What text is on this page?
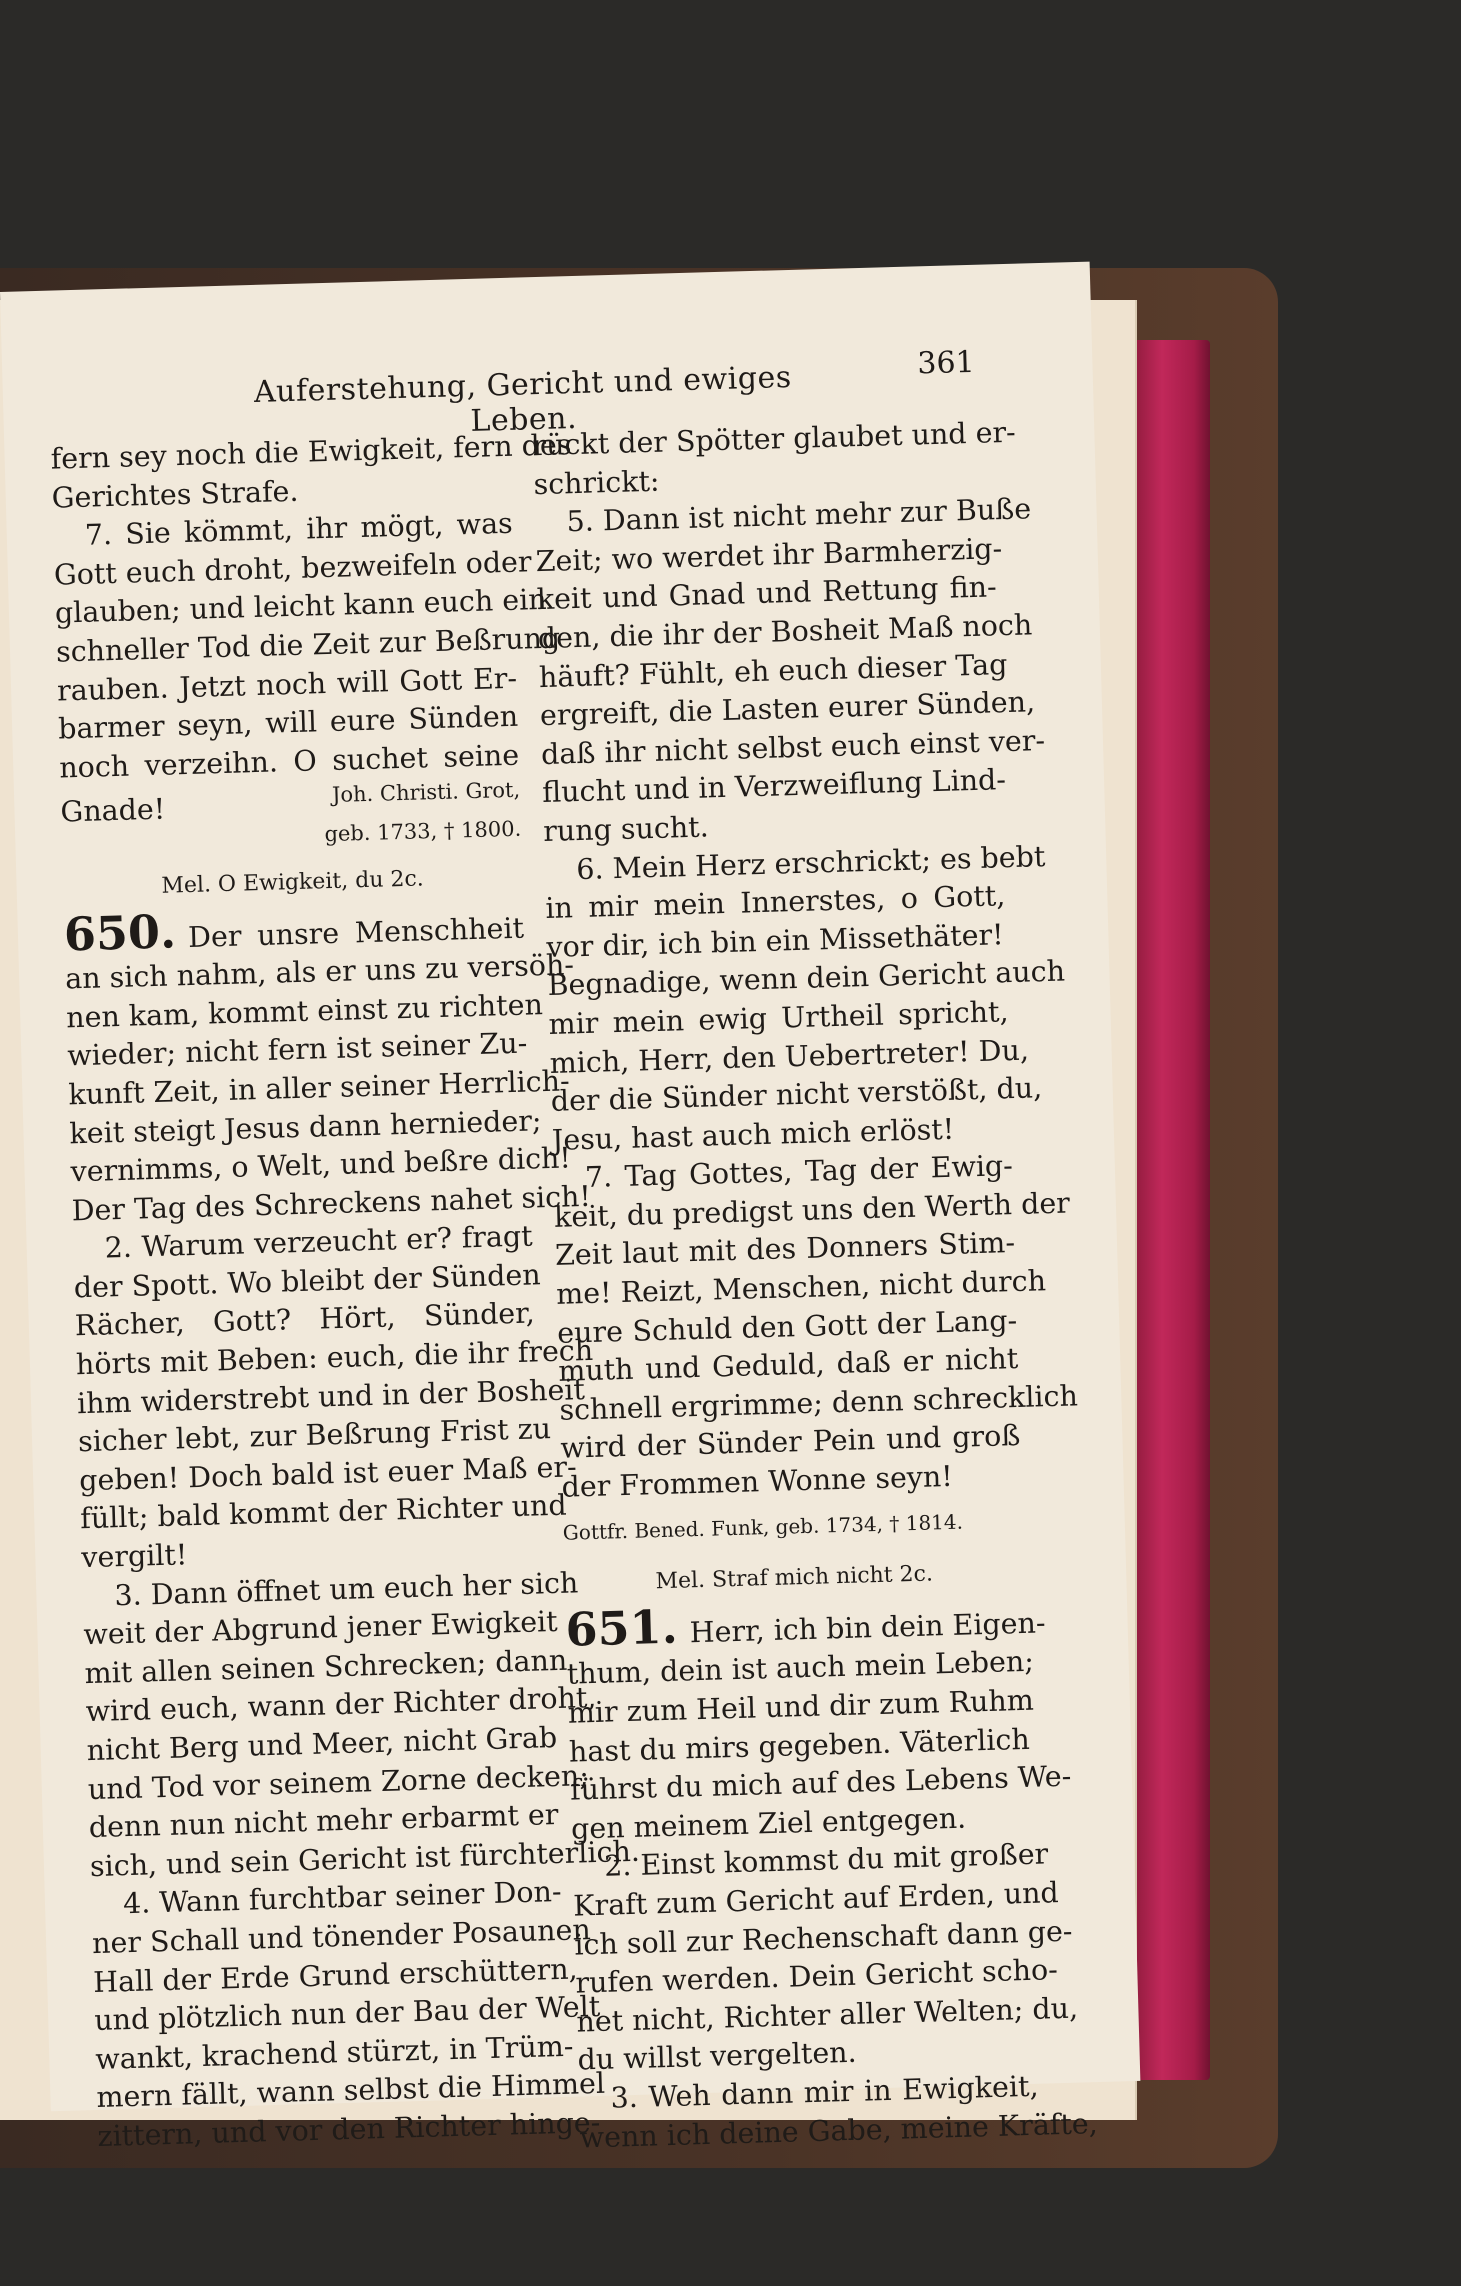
Auferstehung, Gericht und ewiges Leben.
361
fern sey noch die Ewigkeit, fern des
Gerichtes Strafe.
7. Sie kömmt, ihr mögt, was
Gott euch droht, bezweifeln oder
glauben; und leicht kann euch ein
schneller Tod die Zeit zur Beßrung
rauben. Jetzt noch will Gott Er-
barmer seyn, will eure Sünden
noch verzeihn. O suchet seine
Gnade!
Joh. Christi. Grot,
geb. 1733, † 1800.
Mel. O Ewigkeit, du 2c.
650. Der unsre Menschheit
an sich nahm, als er uns zu versöh-
nen kam, kommt einst zu richten
wieder; nicht fern ist seiner Zu-
kunft Zeit, in aller seiner Herrlich-
keit steigt Jesus dann hernieder;
vernimms, o Welt, und beßre dich!
Der Tag des Schreckens nahet sich!
2. Warum verzeucht er? fragt
der Spott. Wo bleibt der Sünden
Rächer, Gott? Hört, Sünder,
hörts mit Beben: euch, die ihr frech
ihm widerstrebt und in der Bosheit
sicher lebt, zur Beßrung Frist zu
geben! Doch bald ist euer Maß er-
füllt; bald kommt der Richter und
vergilt!
3. Dann öffnet um euch her sich
weit der Abgrund jener Ewigkeit
mit allen seinen Schrecken; dann
wird euch, wann der Richter droht,
nicht Berg und Meer, nicht Grab
und Tod vor seinem Zorne decken;
denn nun nicht mehr erbarmt er
sich, und sein Gericht ist fürchterlich.
4. Wann furchtbar seiner Don-
ner Schall und tönender Posaunen
Hall der Erde Grund erschüttern,
und plötzlich nun der Bau der Welt
wankt, krachend stürzt, in Trüm-
mern fällt, wann selbst die Himmel
zittern, und vor den Richter hinge-
rückt der Spötter glaubet und er-
schrickt:
5. Dann ist nicht mehr zur Buße
Zeit; wo werdet ihr Barmherzig-
keit und Gnad und Rettung fin-
den, die ihr der Bosheit Maß noch
häuft? Fühlt, eh euch dieser Tag
ergreift, die Lasten eurer Sünden,
daß ihr nicht selbst euch einst ver-
flucht und in Verzweiflung Lind-
rung sucht.
6. Mein Herz erschrickt; es bebt
in mir mein Innerstes, o Gott,
vor dir, ich bin ein Missethäter!
Begnadige, wenn dein Gericht auch
mir mein ewig Urtheil spricht,
mich, Herr, den Uebertreter! Du,
der die Sünder nicht verstößt, du,
Jesu, hast auch mich erlöst!
7. Tag Gottes, Tag der Ewig-
keit, du predigst uns den Werth der
Zeit laut mit des Donners Stim-
me! Reizt, Menschen, nicht durch
eure Schuld den Gott der Lang-
muth und Geduld, daß er nicht
schnell ergrimme; denn schrecklich
wird der Sünder Pein und groß
der Frommen Wonne seyn!
Gottfr. Bened. Funk, geb. 1734, † 1814.
Mel. Straf mich nicht 2c.
651. Herr, ich bin dein Eigen-
thum, dein ist auch mein Leben;
mir zum Heil und dir zum Ruhm
hast du mirs gegeben. Väterlich
führst du mich auf des Lebens We-
gen meinem Ziel entgegen.
2. Einst kommst du mit großer
Kraft zum Gericht auf Erden, und
ich soll zur Rechenschaft dann ge-
rufen werden. Dein Gericht scho-
net nicht, Richter aller Welten; du,
du willst vergelten.
3. Weh dann mir in Ewigkeit,
wenn ich deine Gabe, meine Kräfte,
